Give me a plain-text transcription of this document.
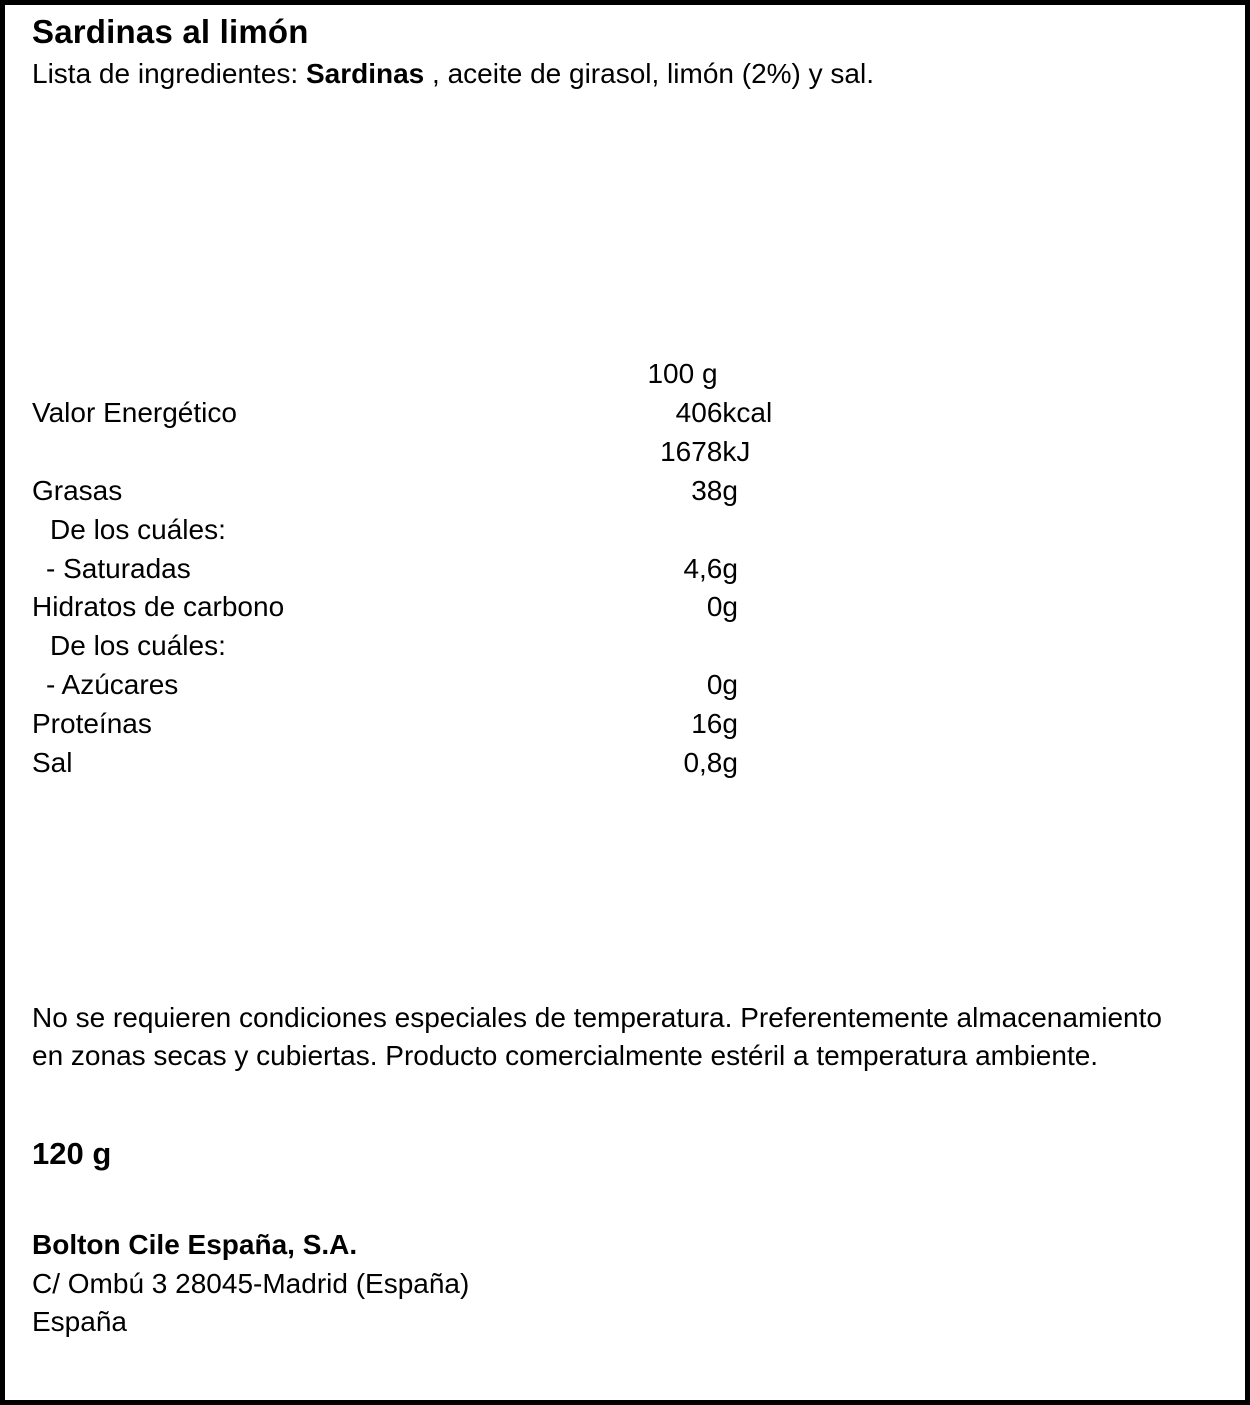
Sardinas al limón

Lista de ingredientes: Sardinas , aceite de girasol, limón (2%) y sal.

	100 g	
Valor Energético	406	kcal
	1678	kJ
Grasas	38	g
De los cuáles:		
- Saturadas	4,6	g
Hidratos de carbono	0	g
De los cuáles:		
- Azúcares	0	g
Proteínas	16	g
Sal	0,8	g

No se requieren condiciones especiales de temperatura. Preferentemente almacenamiento en zonas secas y cubiertas. Producto comercialmente estéril a temperatura ambiente.

120 g
Bolton Cile España, S.A.
C/ Ombú 3 28045-Madrid (España)
España
